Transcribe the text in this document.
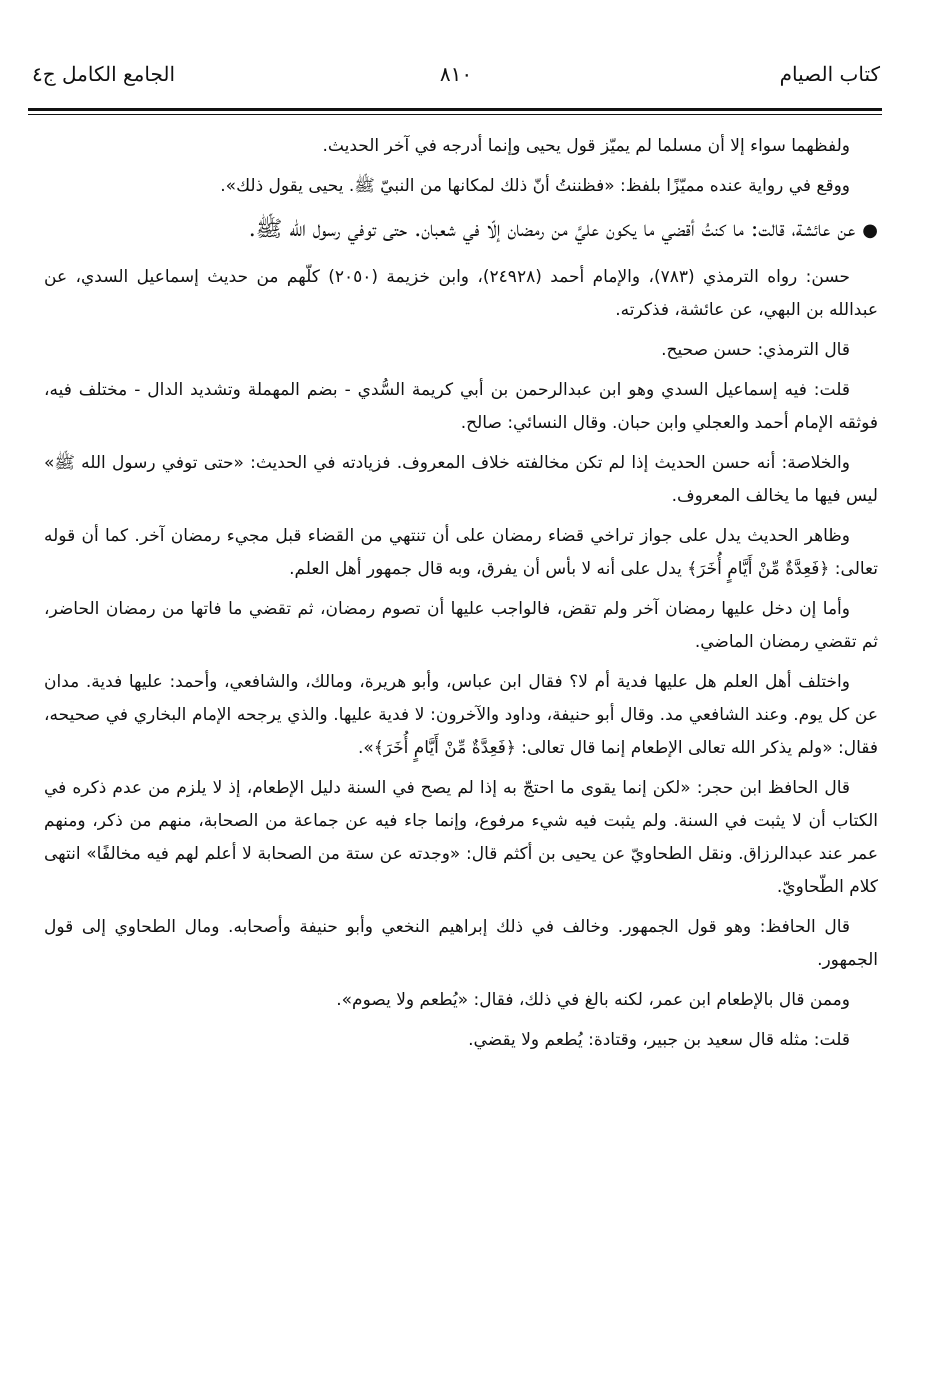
كتاب الصيام
٨١٠
الجامع الكامل ج٤

ولفظهما سواء إلا أن مسلما لم يميّز قول يحيى وإنما أدرجه في آخر الحديث.

ووقع في رواية عنده مميّزًا بلفظ: «فظننتُ أنّ ذلك لمكانها من النبيّ ﷺ. يحيى يقول ذلك».

● عن عائشة، قالت: ما كنتُ أقضي ما يكون عليَّ من رمضان إلّا في شعبان. حتى توفي رسول الله ﷺ.

حسن: رواه الترمذي (٧٨٣)، والإمام أحمد (٢٤٩٢٨)، وابن خزيمة (٢٠٥٠) كلّهم من حديث إسماعيل السدي، عن عبدالله بن البهي، عن عائشة، فذكرته.

قال الترمذي: حسن صحيح.

قلت: فيه إسماعيل السدي وهو ابن عبدالرحمن بن أبي كريمة السُّدي - بضم المهملة وتشديد الدال - مختلف فيه، فوثقه الإمام أحمد والعجلي وابن حبان. وقال النسائي: صالح.

والخلاصة: أنه حسن الحديث إذا لم تكن مخالفته خلاف المعروف. فزيادته في الحديث: «حتى توفي رسول الله ﷺ» ليس فيها ما يخالف المعروف.

وظاهر الحديث يدل على جواز تراخي قضاء رمضان على أن تنتهي من القضاء قبل مجيء رمضان آخر. كما أن قوله تعالى: ﴿فَعِدَّةٌ مِّنْ أَيَّامٍ أُخَرَ﴾ يدل على أنه لا بأس أن يفرق، وبه قال جمهور أهل العلم.

وأما إن دخل عليها رمضان آخر ولم تقض، فالواجب عليها أن تصوم رمضان، ثم تقضي ما فاتها من رمضان الحاضر، ثم تقضي رمضان الماضي.

واختلف أهل العلم هل عليها فدية أم لا؟ فقال ابن عباس، وأبو هريرة، ومالك، والشافعي، وأحمد: عليها فدية. مدان عن كل يوم. وعند الشافعي مد. وقال أبو حنيفة، وداود والآخرون: لا فدية عليها. والذي يرجحه الإمام البخاري في صحيحه، فقال: «ولم يذكر الله تعالى الإطعام إنما قال تعالى: ﴿فَعِدَّةٌ مِّنْ أَيَّامٍ أُخَرَ﴾».

قال الحافظ ابن حجر: «لكن إنما يقوى ما احتجّ به إذا لم يصح في السنة دليل الإطعام، إذ لا يلزم من عدم ذكره في الكتاب أن لا يثبت في السنة. ولم يثبت فيه شيء مرفوع، وإنما جاء فيه عن جماعة من الصحابة، منهم من ذكر، ومنهم عمر عند عبدالرزاق. ونقل الطحاويّ عن يحيى بن أكثم قال: «وجدته عن ستة من الصحابة لا أعلم لهم فيه مخالفًا» انتهى كلام الطّحاويّ.

قال الحافظ: وهو قول الجمهور. وخالف في ذلك إبراهيم النخعي وأبو حنيفة وأصحابه. ومال الطحاوي إلى قول الجمهور.

وممن قال بالإطعام ابن عمر، لكنه بالغ في ذلك، فقال: «يُطعم ولا يصوم».

قلت: مثله قال سعيد بن جبير، وقتادة: يُطعم ولا يقضي.
